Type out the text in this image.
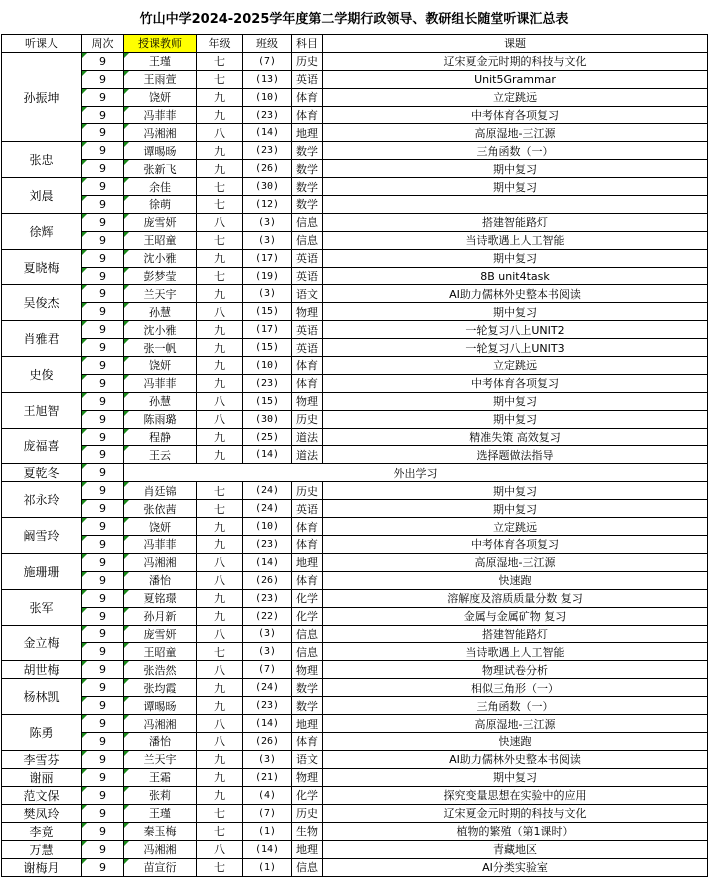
竹山中学2024-2025学年度第二学期行政领导、教研组长随堂听课汇总表
听课人	周次	授课教师	年级	班级	科目	课题
孙振坤	9	王瑾	七	(7)	历史	辽宋夏金元时期的科技与文化
	9	王雨萱	七	(13)	英语	Unit5Grammar
	9	饶妍	九	(10)	体育	立定跳远
	9	冯菲菲	九	(23)	体育	中考体育各项复习
	9	冯湘湘	八	(14)	地理	高原湿地-三江源
张忠	9	谭晹旸	九	(23)	数学	三角函数（一）
	9	张新飞	九	(26)	数学	期中复习
刘晨	9	余佳	七	(30)	数学	期中复习
	9	徐萌	七	(12)	数学	
徐辉	9	庞雪妍	八	(3)	信息	搭建智能路灯
	9	王昭童	七	(3)	信息	当诗歌遇上人工智能
夏晓梅	9	沈小雅	九	(17)	英语	期中复习
	9	彭梦莹	七	(19)	英语	8B unit4task
吴俊杰	9	兰天宇	九	(3)	语文	AI助力儒林外史整本书阅读
	9	孙慧	八	(15)	物理	期中复习
肖雅君	9	沈小雅	九	(17)	英语	一轮复习八上UNIT2
	9	张一帆	九	(15)	英语	一轮复习八上UNIT3
史俊	9	饶妍	九	(10)	体育	立定跳远
	9	冯菲菲	九	(23)	体育	中考体育各项复习
王旭智	9	孙慧	八	(15)	物理	期中复习
	9	陈雨璐	八	(30)	历史	期中复习
庞福喜	9	程静	九	(25)	道法	精准失策 高效复习
	9	王云	九	(14)	道法	选择题做法指导
夏乾冬	9	外出学习				
祁永玲	9	肖廷锦	七	(24)	历史	期中复习
	9	张依茜	七	(24)	英语	期中复习
阚雪玲	9	饶妍	九	(10)	体育	立定跳远
	9	冯菲菲	九	(23)	体育	中考体育各项复习
施珊珊	9	冯湘湘	八	(14)	地理	高原湿地-三江源
	9	潘怡	八	(26)	体育	快速跑
张军	9	夏铭璟	九	(23)	化学	溶解度及溶质质量分数 复习
	9	孙月新	九	(22)	化学	金属与金属矿物 复习
金立梅	9	庞雪妍	八	(3)	信息	搭建智能路灯
	9	王昭童	七	(3)	信息	当诗歌遇上人工智能
胡世梅	9	张浩然	八	(7)	物理	物理试卷分析
杨林凯	9	张均霞	九	(24)	数学	相似三角形（一）
	9	谭晹旸	九	(23)	数学	三角函数（一）
陈勇	9	冯湘湘	八	(14)	地理	高原湿地-三江源
	9	潘怡	八	(26)	体育	快速跑
李雪芬	9	兰天宇	九	(3)	语文	AI助力儒林外史整本书阅读
谢丽	9	王霜	九	(21)	物理	期中复习
范文保	9	张莉	九	(4)	化学	探究变量思想在实验中的应用
樊凤玲	9	王瑾	七	(7)	历史	辽宋夏金元时期的科技与文化
李竟	9	秦玉梅	七	(1)	生物	植物的繁殖（第1课时）
万慧	9	冯湘湘	八	(14)	地理	青藏地区
谢梅月	9	苗宣衍	七	(1)	信息	AI分类实验室
